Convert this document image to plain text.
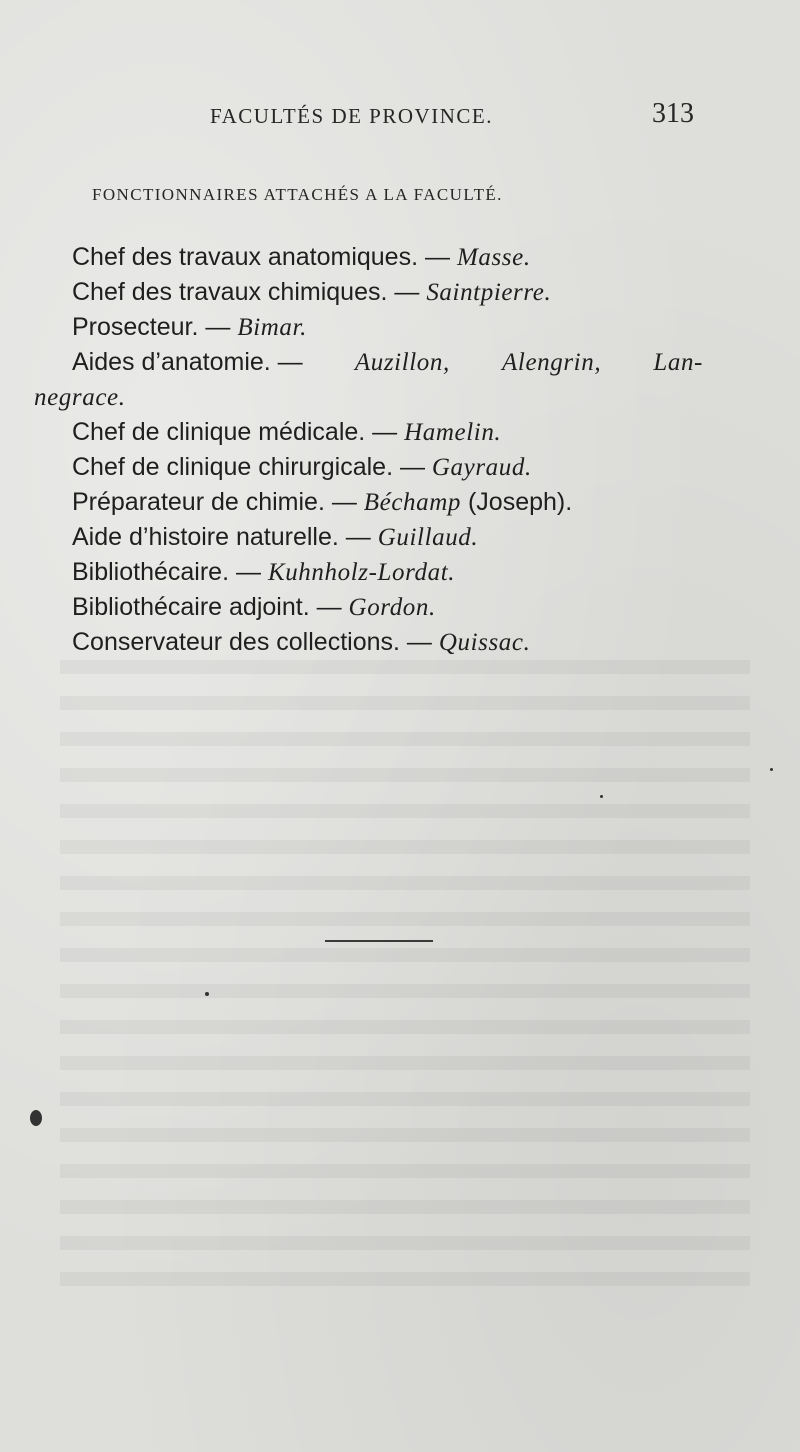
FACULTÉS DE PROVINCE.	313
FONCTIONNAIRES ATTACHÉS A LA FACULTÉ.
Chef des travaux anatomiques. — Masse.
Chef des travaux chimiques. — Saintpierre.
Prosecteur. — Bimar.
Aides d’anatomie. — Auzillon, Alengrin, Lan-
negrace.
Chef de clinique médicale. — Hamelin.
Chef de clinique chirurgicale. — Gayraud.
Préparateur de chimie. — Béchamp (Joseph).
Aide d’histoire naturelle. — Guillaud.
Bibliothécaire. — Kuhnholz-Lordat.
Bibliothécaire adjoint. — Gordon.
Conservateur des collections. — Quissac.
